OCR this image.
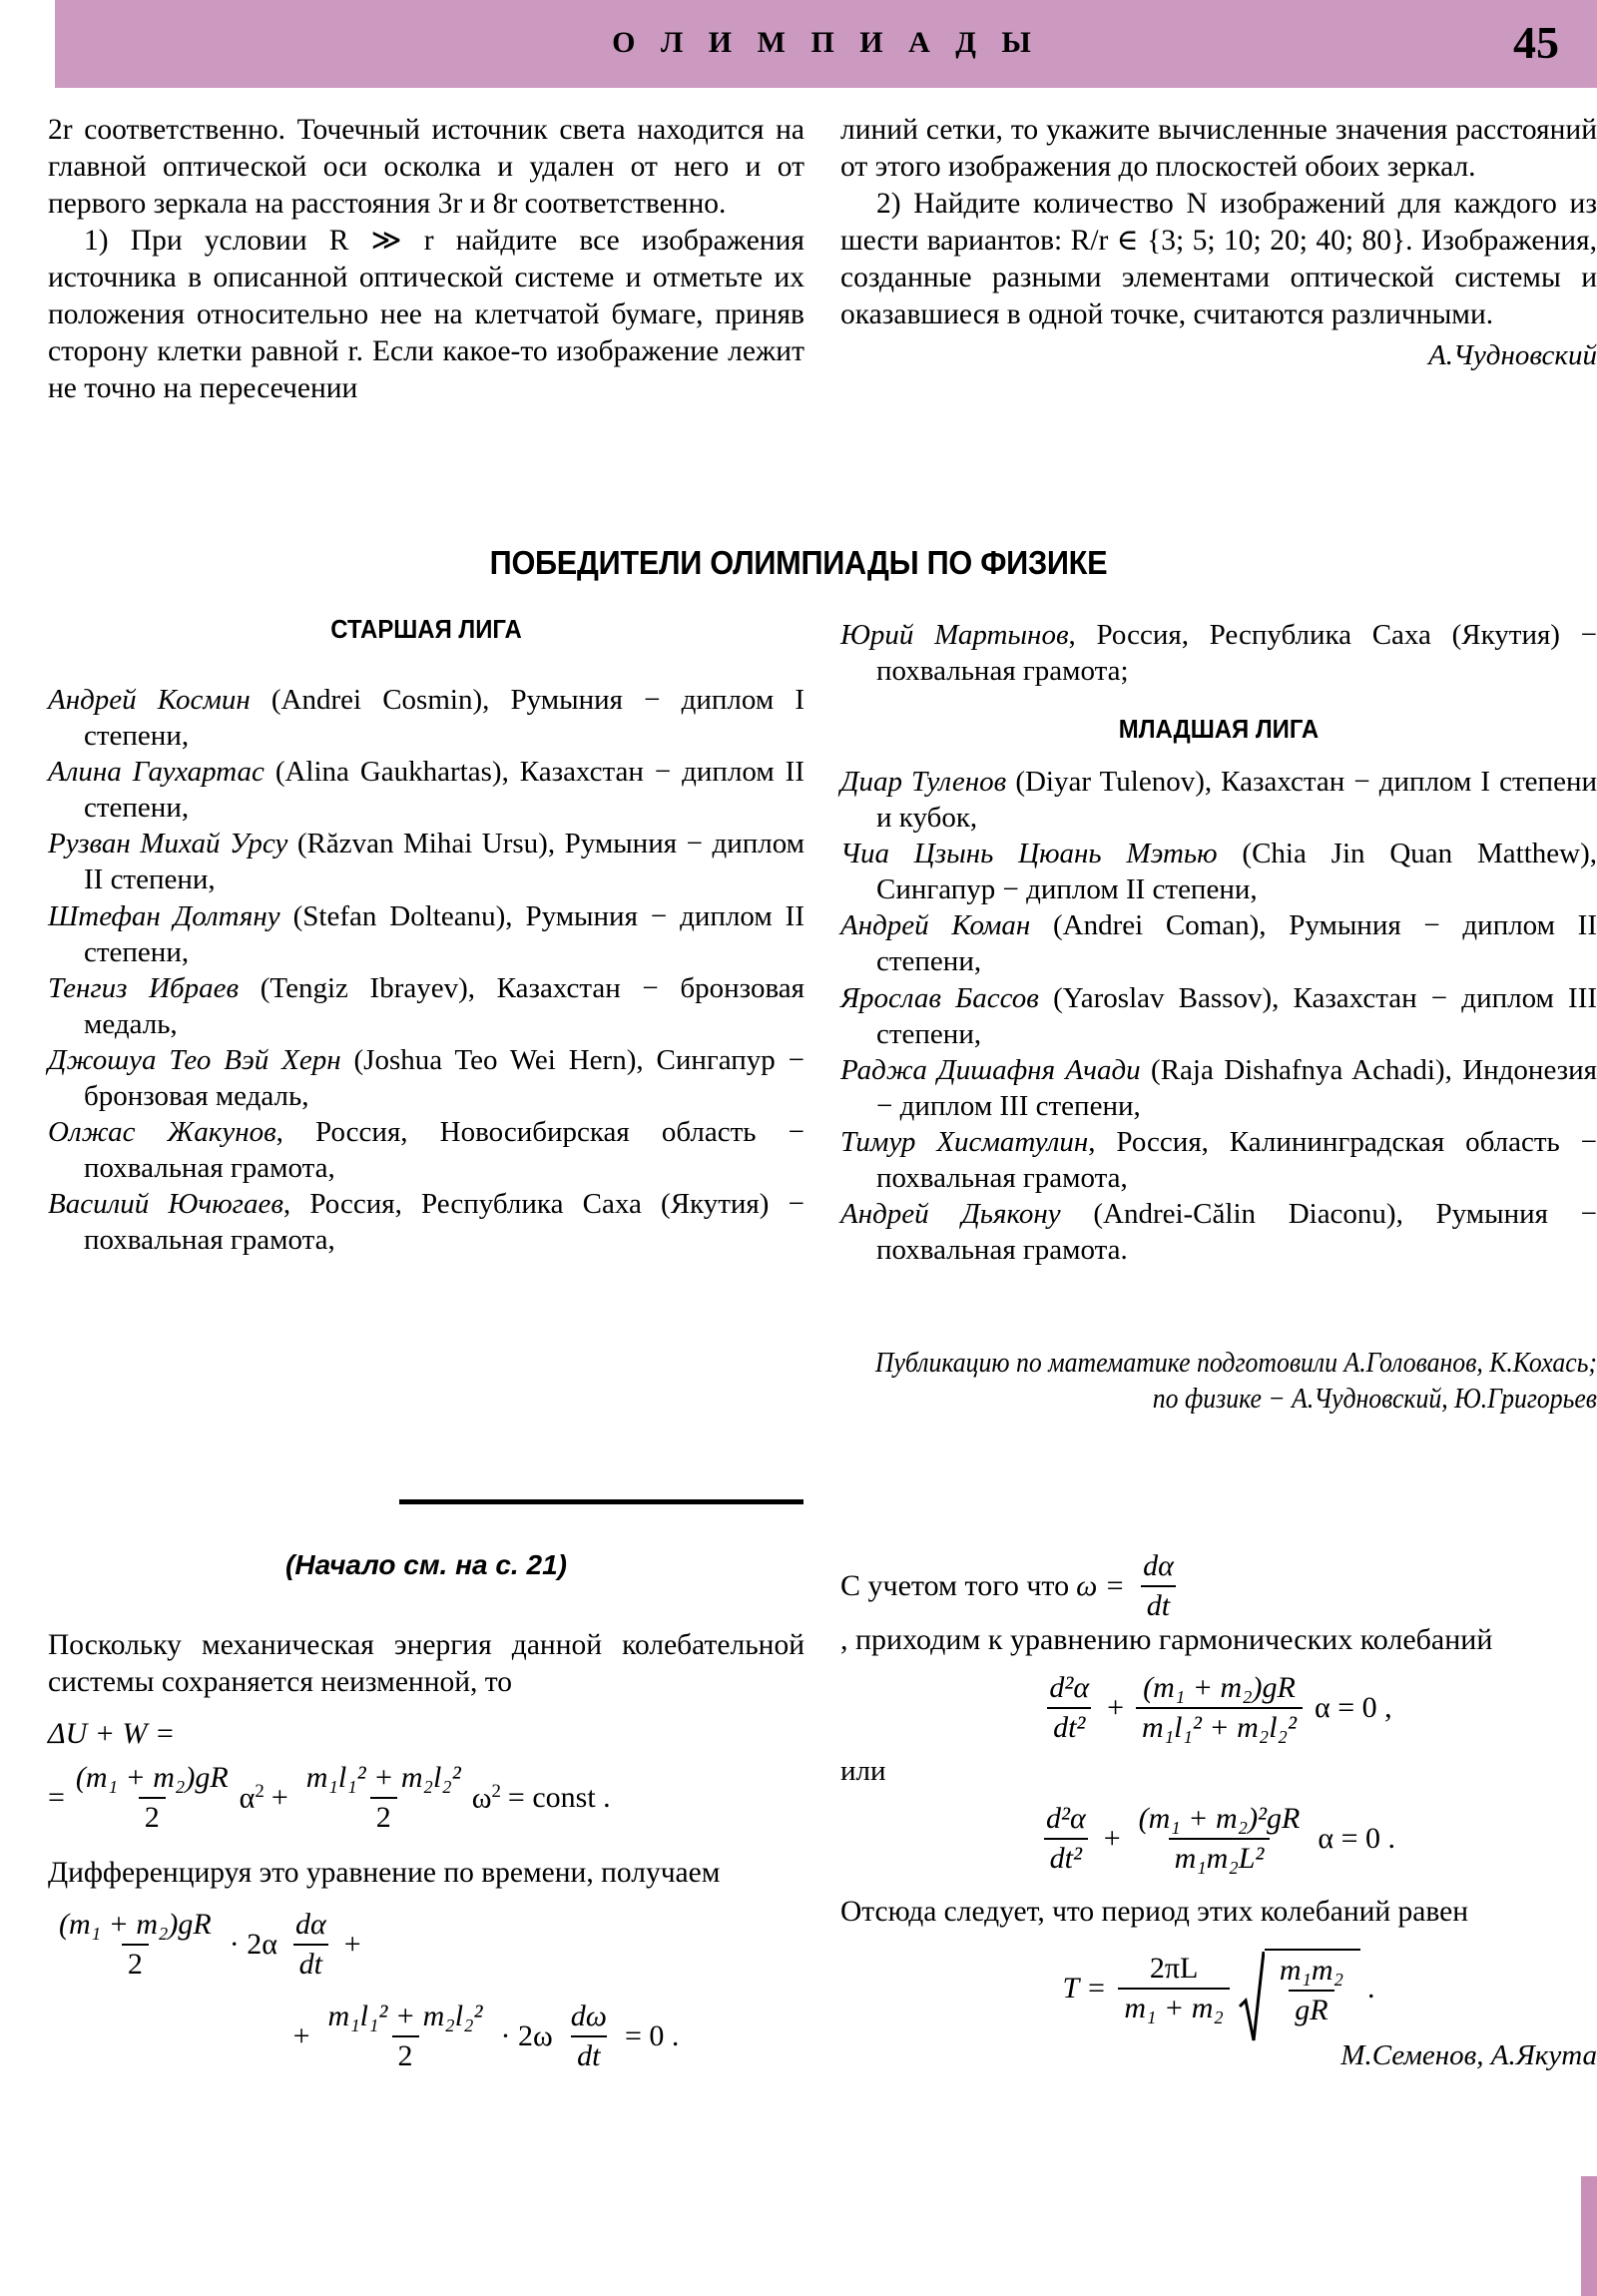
О Л И М П И А Д Ы	45

2r соответственно. Точечный источник света находится на главной оптической оси осколка и удален от него и от первого зеркала на расстояния 3r и 8r соответственно.

1) При условии R ≫ r найдите все изображения источника в описанной оптической системе и отметьте их положения относительно нее на клетчатой бумаге, приняв сторону клетки равной r. Если какое-то изображение лежит не точно на пересечении

линий сетки, то укажите вычисленные значения расстояний от этого изображения до плоскостей обоих зеркал.

2) Найдите количество N изображений для каждого из шести вариантов: R/r ∈ {3; 5; 10; 20; 40; 80}. Изображения, созданные разными элементами оптической системы и оказавшиеся в одной точке, считаются различными.

А.Чудновский

ПОБЕДИТЕЛИ ОЛИМПИАДЫ ПО ФИЗИКЕ
СТАРШАЯ ЛИГА
МЛАДШАЯ ЛИГА

Андрей Космин (Andrei Cosmin), Румыния − диплом I степени,

Алина Гаухартас (Alina Gaukhartas), Казахстан − диплом II степени,

Рузван Михай Урсу (Răzvan Mihai Ursu), Румыния − диплом II степени,

Штефан Долтяну (Stefan Dolteanu), Румыния − диплом II степени,

Тенгиз Ибраев (Tengiz Ibrayev), Казахстан − бронзовая медаль,

Джошуа Тео Вэй Херн (Joshua Teo Wei Hern), Сингапур − бронзовая медаль,

Олжас Жакунов, Россия, Новосибирская область − похвальная грамота,

Василий Ючюгаев, Россия, Республика Саха (Якутия) − похвальная грамота,

Юрий Мартынов, Россия, Республика Саха (Якутия) − похвальная грамота;

Диар Туленов (Diyar Tulenov), Казахстан − диплом I степени и кубок,

Чиа Цзынь Цюань Мэтью (Chia Jin Quan Matthew), Сингапур − диплом II степени,

Андрей Коман (Andrei Coman), Румыния − диплом II степени,

Ярослав Бассов (Yaroslav Bassov), Казахстан − диплом III степени,

Раджа Дишафня Ачади (Raja Dishafnya Achadi), Индонезия − диплом III степени,

Тимур Хисматулин, Россия, Калининградская область − похвальная грамота,

Андрей Дьякону (Andrei-Călin Diaconu), Румыния − похвальная грамота.

Публикацию по математике подготовили А.Голованов, К.Кохась;
по физике − А.Чудновский, Ю.Григорьев
(Начало см. на с. 21)

Поскольку механическая энергия данной колебательной системы сохраняется неизменной, то

ΔU + W =
= $\frac{\text{(m₁ + m₂)gR}}{2} \alpha^2 + \frac{\text{m₁l₁² + m₂l₂²}}{2} \omega^2$ = const .

Дифференцируя это уравнение по времени, получаем

$\frac{\text{(m₁ + m₂)gR}}{2} \cdot 2\alpha \frac{d\alpha}{dt}$ +
+ $\frac{\text{m₁l₁² + m₂l₂²}}{2} \cdot 2\omega \frac{d\omega}{dt} = 0$ .
С учетом того что $\omega = \frac{d\alpha}{dt}$
, приходим к уравнению гармонических колебаний
$\frac{\text{d²α}}{\text{dt²}} + \frac{\text{(m₁ + m₂)gR}}{\text{m₁l₁² + m₂l₂²}}$ α = 0 ,
или
$\frac{\text{d²α}}{\text{dt²}} + \frac{\text{(m₁ + m₂)²gR}}{\text{m₁m₂L²}}$ α = 0 .

Отсюда следует, что период этих колебаний равен

$T = \frac{2\pi L}{\text{m₁ + m₂}} \frac{\text{m₁m₂}}{gR}$ .
М.Семенов, А.Якута
